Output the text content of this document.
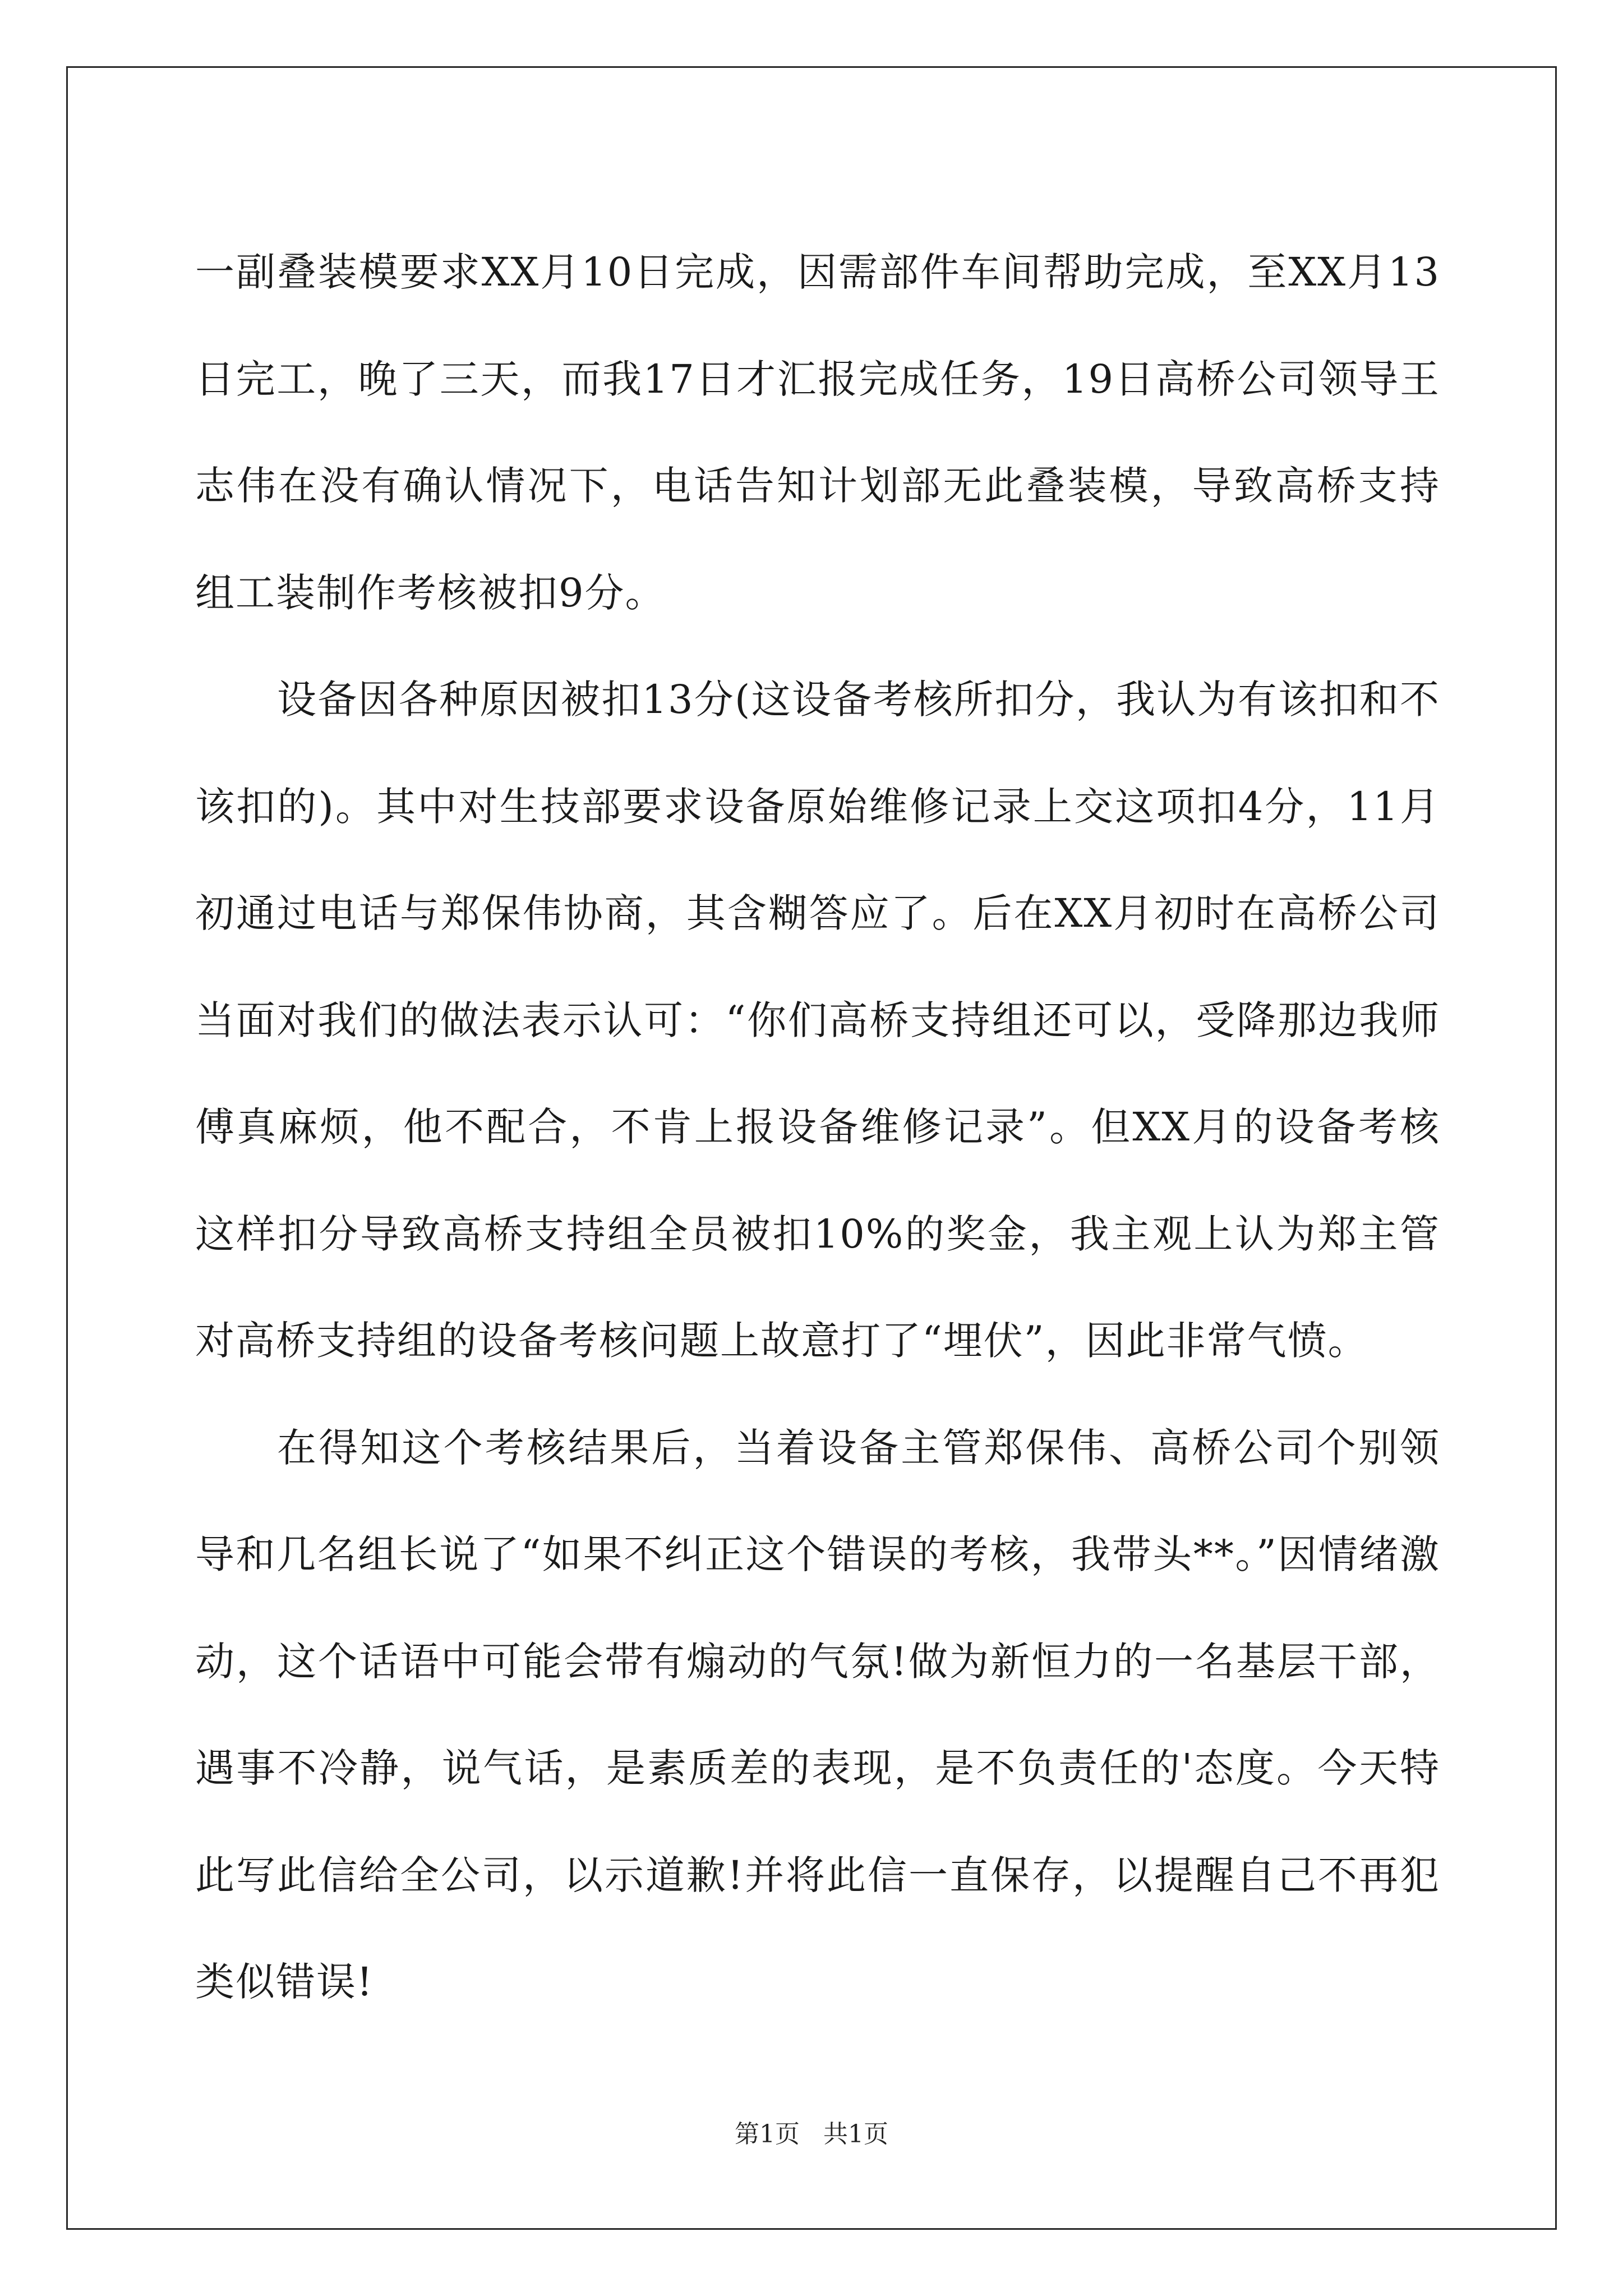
一副叠装模要求XX月10日完成，因需部件车间帮助完成，至XX月13日完工，晚了三天，而我17日才汇报完成任务，19日高桥公司领导王志伟在没有确认情况下，电话告知计划部无此叠装模，导致高桥支持组工装制作考核被扣9分。

设备因各种原因被扣13分(这设备考核所扣分，我认为有该扣和不该扣的)。其中对生技部要求设备原始维修记录上交这项扣4分，11月初通过电话与郑保伟协商，其含糊答应了。后在XX月初时在高桥公司当面对我们的做法表示认可：“你们高桥支持组还可以，受降那边我师傅真麻烦，他不配合，不肯上报设备维修记录”。但XX月的设备考核这样扣分导致高桥支持组全员被扣10%的奖金，我主观上认为郑主管对高桥支持组的设备考核问题上故意打了“埋伏”，因此非常气愤。

在得知这个考核结果后，当着设备主管郑保伟、高桥公司个别领导和几名组长说了“如果不纠正这个错误的考核，我带头**。”因情绪激动，这个话语中可能会带有煽动的气氛!做为新恒力的一名基层干部，遇事不冷静，说气话，是素质差的表现，是不负责任的'态度。今天特此写此信给全公司，以示道歉!并将此信一直保存，以提醒自己不再犯类似错误!

第1页 共1页
